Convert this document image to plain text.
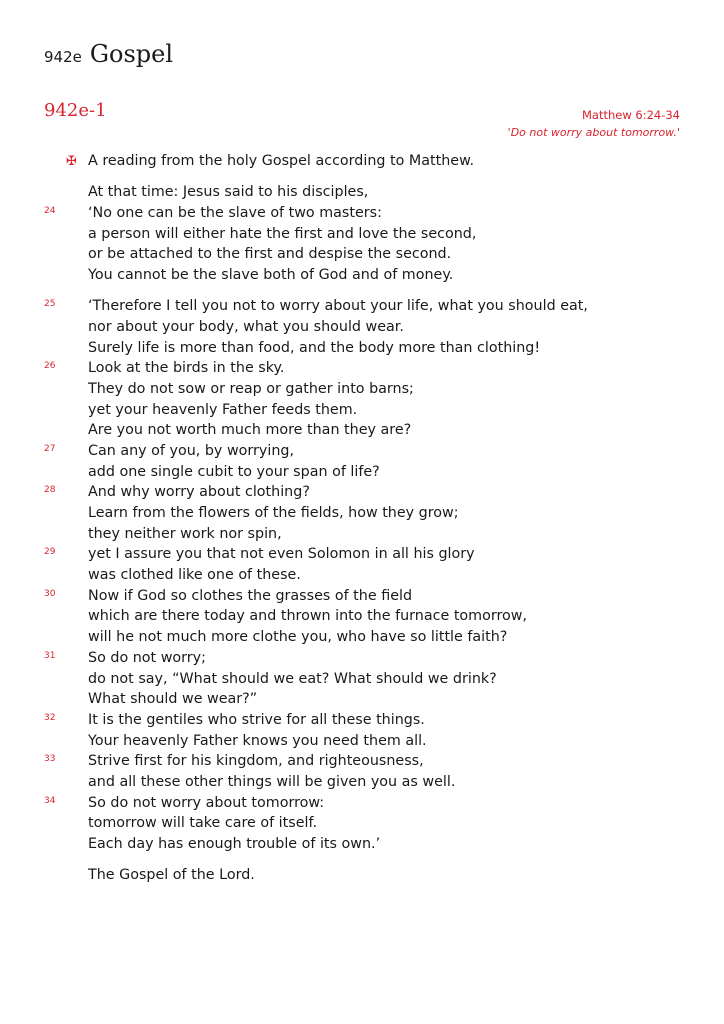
942e Gospel
942e-1	Matthew 6:24-34
'Do not worry about tomorrow.'
✠ A reading from the holy Gospel according to Matthew.
At that time: Jesus said to his disciples,
24 ‘No one can be the slave of two masters:
a person will either hate the first and love the second,
or be attached to the first and despise the second.
You cannot be the slave both of God and of money.
25 ‘Therefore I tell you not to worry about your life, what you should eat,
nor about your body, what you should wear.
Surely life is more than food, and the body more than clothing!
26 Look at the birds in the sky.
They do not sow or reap or gather into barns;
yet your heavenly Father feeds them.
Are you not worth much more than they are?
27 Can any of you, by worrying,
add one single cubit to your span of life?
28 And why worry about clothing?
Learn from the flowers of the fields, how they grow;
they neither work nor spin,
29 yet I assure you that not even Solomon in all his glory
was clothed like one of these.
30 Now if God so clothes the grasses of the field
which are there today and thrown into the furnace tomorrow,
will he not much more clothe you, who have so little faith?
31 So do not worry;
do not say, “What should we eat? What should we drink?
What should we wear?”
32 It is the gentiles who strive for all these things.
Your heavenly Father knows you need them all.
33 Strive first for his kingdom, and righteousness,
and all these other things will be given you as well.
34 So do not worry about tomorrow:
tomorrow will take care of itself.
Each day has enough trouble of its own.’
The Gospel of the Lord.
